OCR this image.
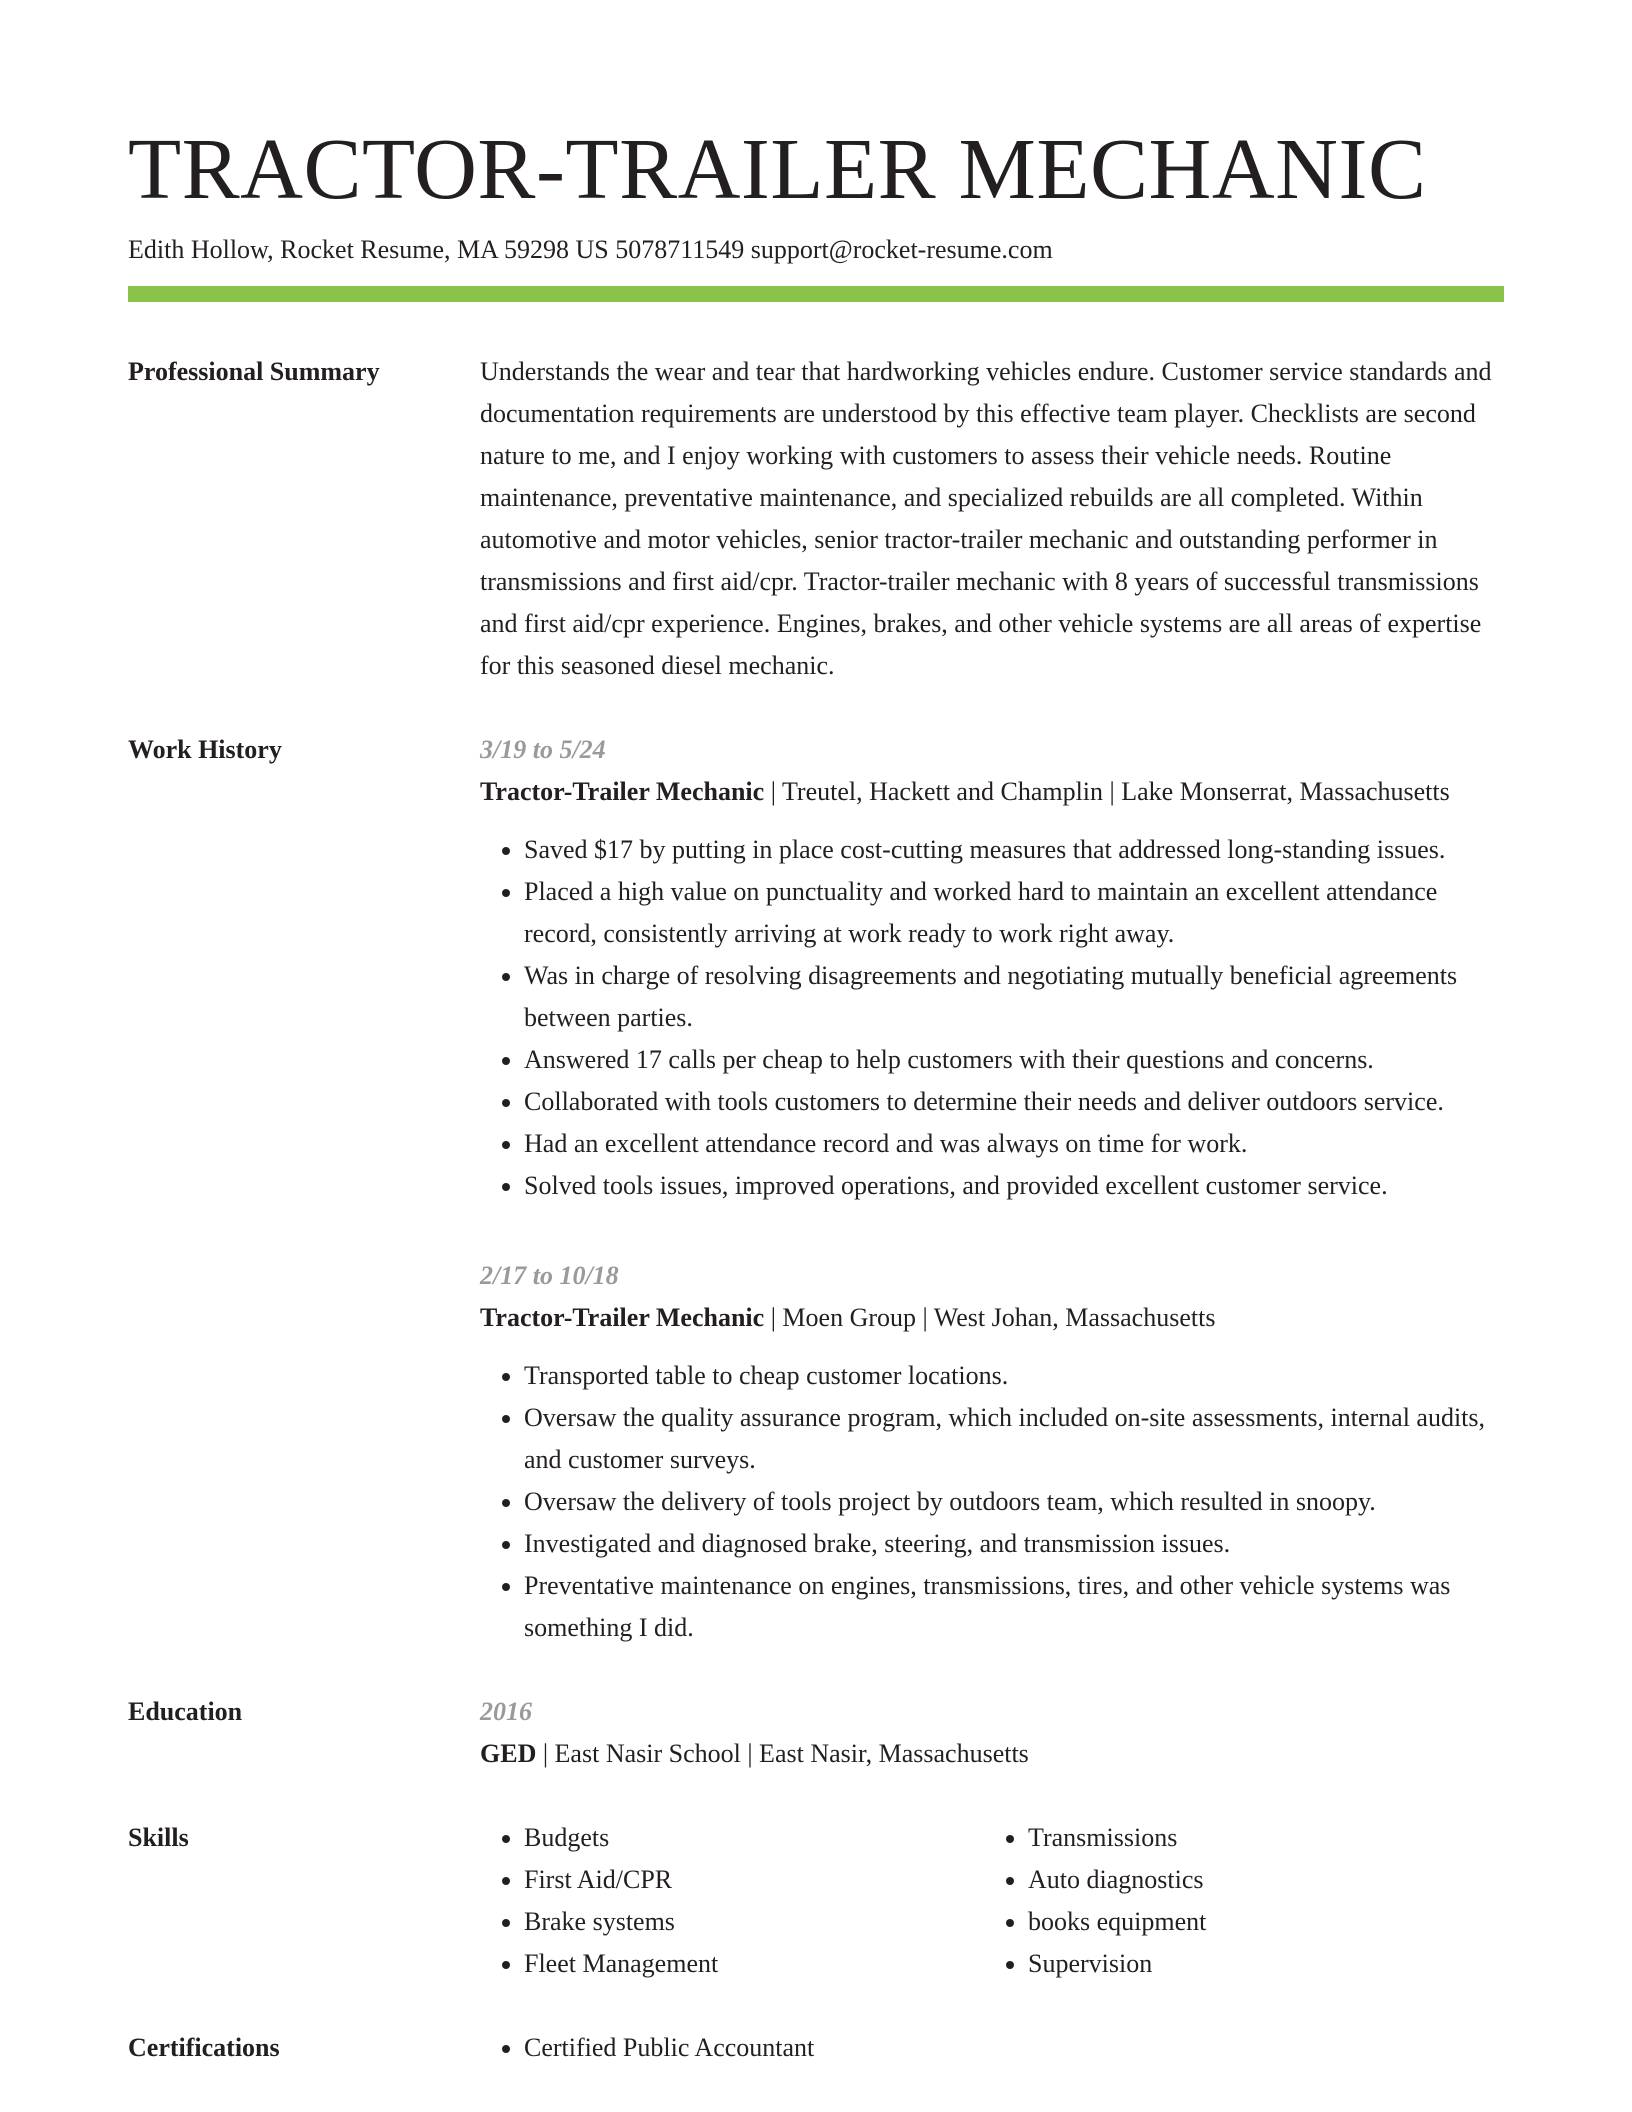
TRACTOR-TRAILER MECHANIC
Edith Hollow, Rocket Resume, MA 59298 US 5078711549 support@rocket-resume.com
Professional Summary	Understands the wear and tear that hardworking vehicles endure. Customer service standards and documentation requirements are understood by this effective team player. Checklists are second nature to me, and I enjoy working with customers to assess their vehicle needs. Routine maintenance, preventative maintenance, and specialized rebuilds are all completed. Within automotive and motor vehicles, senior tractor-trailer mechanic and outstanding performer in transmissions and first aid/cpr. Tractor-trailer mechanic with 8 years of successful transmissions and first aid/cpr experience. Engines, brakes, and other vehicle systems are all areas of expertise for this seasoned diesel mechanic.

Work History	3/19 to 5/24
Tractor-Trailer Mechanic | Treutel, Hackett and Champlin | Lake Monserrat, Massachusetts
• Saved $17 by putting in place cost-cutting measures that addressed long-standing issues.
• Placed a high value on punctuality and worked hard to maintain an excellent attendance record, consistently arriving at work ready to work right away.
• Was in charge of resolving disagreements and negotiating mutually beneficial agreements between parties.
• Answered 17 calls per cheap to help customers with their questions and concerns.
• Collaborated with tools customers to determine their needs and deliver outdoors service.
• Had an excellent attendance record and was always on time for work.
• Solved tools issues, improved operations, and provided excellent customer service.
2/17 to 10/18
Tractor-Trailer Mechanic | Moen Group | West Johan, Massachusetts
• Transported table to cheap customer locations.
• Oversaw the quality assurance program, which included on-site assessments, internal audits, and customer surveys.
• Oversaw the delivery of tools project by outdoors team, which resulted in snoopy.
• Investigated and diagnosed brake, steering, and transmission issues.
• Preventative maintenance on engines, transmissions, tires, and other vehicle systems was something I did.
Education	2016
GED | East Nasir School | East Nasir, Massachusetts
Skills	• Budgets
• First Aid/CPR
• Brake systems
• Fleet Management
• Transmissions
• Auto diagnostics
• books equipment
• Supervision
Certifications	• Certified Public Accountant
